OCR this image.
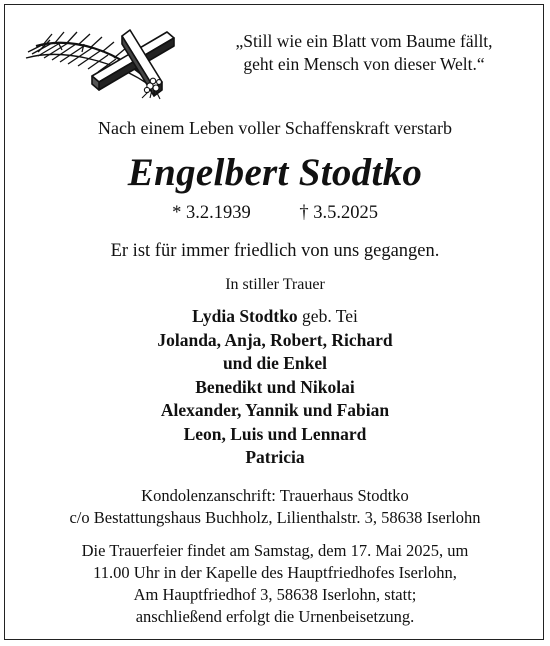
„Still wie ein Blatt vom Baume fällt,
geht ein Mensch von dieser Welt.“
Nach einem Leben voller Schaffenskraft verstarb
Engelbert Stodtko
* 3.2.1939	† 3.5.2025
Er ist für immer friedlich von uns gegangen.
In stiller Trauer
Lydia Stodtko geb. Tei
Jolanda, Anja, Robert, Richard
und die Enkel
Benedikt und Nikolai
Alexander, Yannik und Fabian
Leon, Luis und Lennard
Patricia
Kondolenzanschrift: Trauerhaus Stodtko
c/o Bestattungshaus Buchholz, Lilienthalstr. 3, 58638 Iserlohn
Die Trauerfeier findet am Samstag, dem 17. Mai 2025, um
11.00 Uhr in der Kapelle des Hauptfriedhofes Iserlohn,
Am Hauptfriedhof 3, 58638 Iserlohn, statt;
anschließend erfolgt die Urnenbeisetzung.
